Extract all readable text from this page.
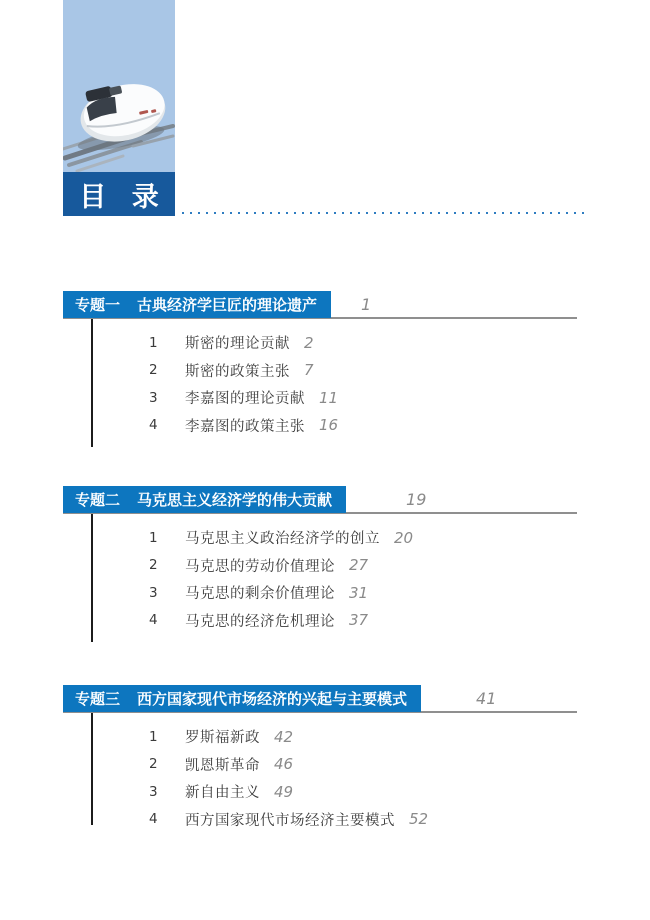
目 录
专题一 古典经济学巨匠的理论遗产	1
1	斯密的理论贡献 2
2	斯密的政策主张 7
3	李嘉图的理论贡献 11
4	李嘉图的政策主张 16
专题二 马克思主义经济学的伟大贡献	19
1	马克思主义政治经济学的创立 20
2	马克思的劳动价值理论 27
3	马克思的剩余价值理论 31
4	马克思的经济危机理论 37
专题三 西方国家现代市场经济的兴起与主要模式	41
1	罗斯福新政 42
2	凯恩斯革命 46
3	新自由主义 49
4	西方国家现代市场经济主要模式 52
